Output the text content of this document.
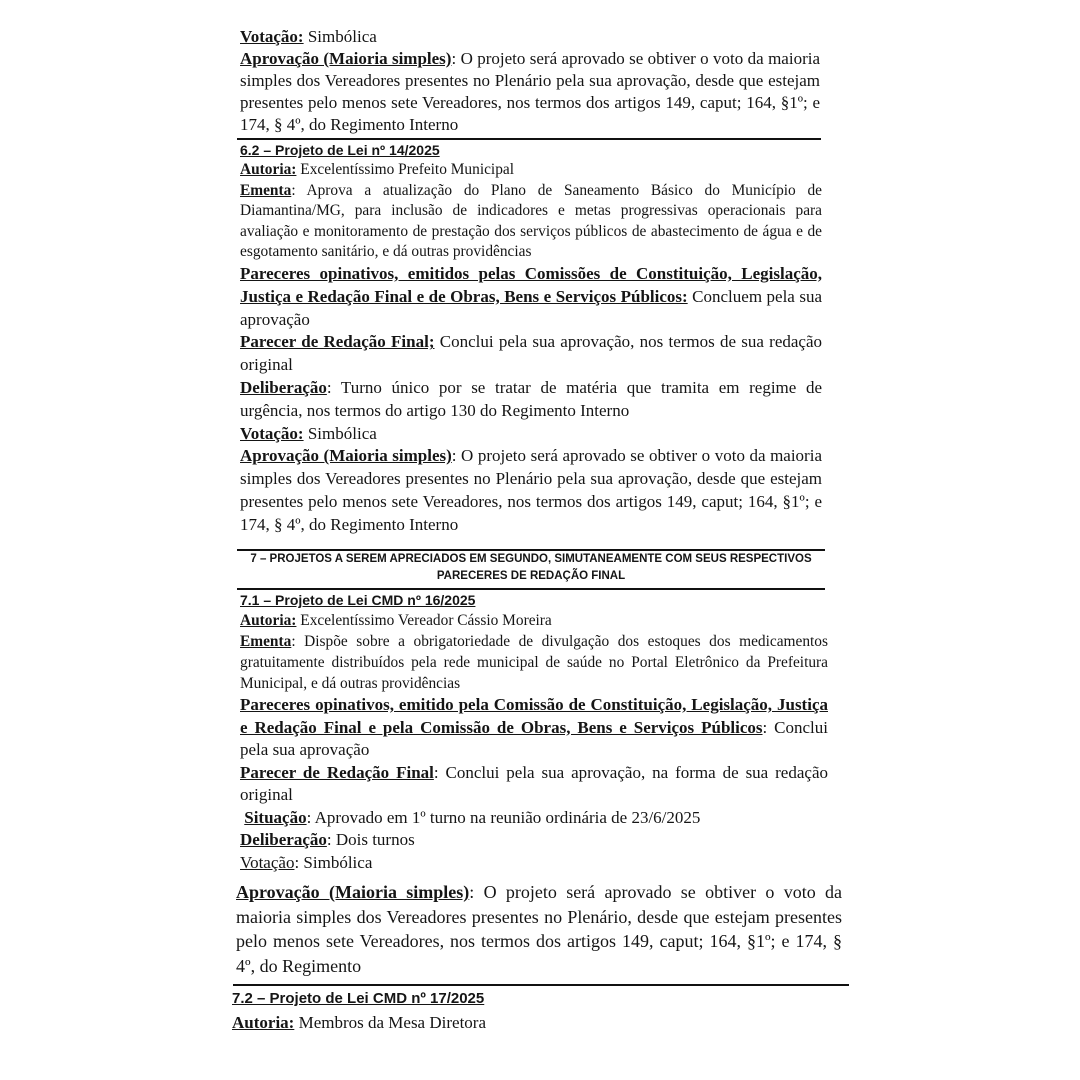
Votação: Simbólica

Aprovação (Maioria simples): O projeto será aprovado se obtiver o voto da maioria simples dos Vereadores presentes no Plenário pela sua aprovação, desde que estejam presentes pelo menos sete Vereadores, nos termos dos artigos 149, caput; 164, §1º; e 174, § 4º, do Regimento Interno

6.2 – Projeto de Lei nº 14/2025

Autoria: Excelentíssimo Prefeito Municipal

Ementa: Aprova a atualização do Plano de Saneamento Básico do Município de Diamantina/MG, para inclusão de indicadores e metas progressivas operacionais para avaliação e monitoramento de prestação dos serviços públicos de abastecimento de água e de esgotamento sanitário, e dá outras providências

Pareceres opinativos, emitidos pelas Comissões de Constituição, Legislação, Justiça e Redação Final e de Obras, Bens e Serviços Públicos: Concluem pela sua aprovação

Parecer de Redação Final; Conclui pela sua aprovação, nos termos de sua redação original

Deliberação: Turno único por se tratar de matéria que tramita em regime de urgência, nos termos do artigo 130 do Regimento Interno

Votação: Simbólica

Aprovação (Maioria simples): O projeto será aprovado se obtiver o voto da maioria simples dos Vereadores presentes no Plenário pela sua aprovação, desde que estejam presentes pelo menos sete Vereadores, nos termos dos artigos 149, caput; 164, §1º; e 174, § 4º, do Regimento Interno

7 – PROJETOS A SEREM APRECIADOS EM SEGUNDO, SIMUTANEAMENTE COM SEUS RESPECTIVOS
PARECERES DE REDAÇÃO FINAL

7.1 – Projeto de Lei CMD nº 16/2025

Autoria: Excelentíssimo Vereador Cássio Moreira

Ementa: Dispõe sobre a obrigatoriedade de divulgação dos estoques dos medicamentos gratuitamente distribuídos pela rede municipal de saúde no Portal Eletrônico da Prefeitura Municipal, e dá outras providências

Pareceres opinativos, emitido pela Comissão de Constituição, Legislação, Justiça e Redação Final e pela Comissão de Obras, Bens e Serviços Públicos: Conclui pela sua aprovação

Parecer de Redação Final: Conclui pela sua aprovação, na forma de sua redação original

Situação: Aprovado em 1º turno na reunião ordinária de 23/6/2025

Deliberação: Dois turnos

Votação: Simbólica

Aprovação (Maioria simples): O projeto será aprovado se obtiver o voto da maioria simples dos Vereadores presentes no Plenário, desde que estejam presentes pelo menos sete Vereadores, nos termos dos artigos 149, caput; 164, §1º; e 174, § 4º, do Regimento

7.2 – Projeto de Lei CMD nº 17/2025

Autoria: Membros da Mesa Diretora
